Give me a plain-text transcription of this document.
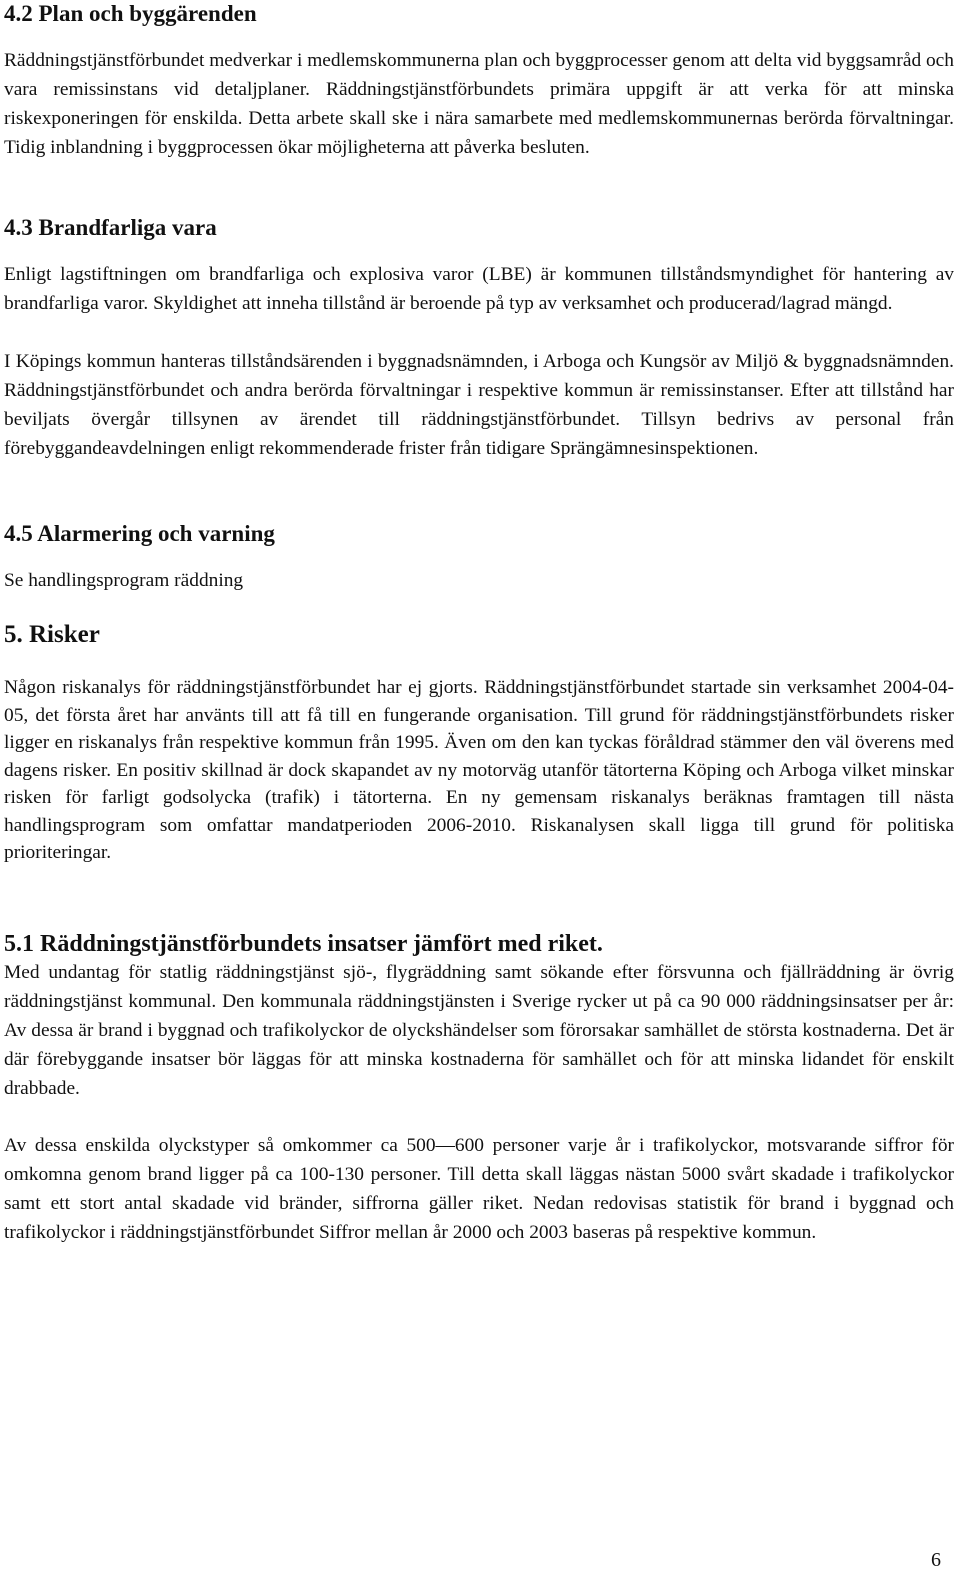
4.2 Plan och byggärenden

Räddningstjänstförbundet medverkar i medlemskommunerna plan och byggprocesser genom att delta vid byggsamråd och vara remissinstans vid detaljplaner. Räddningstjänstförbundets primära uppgift är att verka för att minska riskexponeringen för enskilda. Detta arbete skall ske i nära samarbete med medlemskommunernas berörda förvaltningar. Tidig inblandning i byggprocessen ökar möjligheterna att påverka besluten.

4.3 Brandfarliga vara

Enligt lagstiftningen om brandfarliga och explosiva varor (LBE) är kommunen tillståndsmyndighet för hantering av brandfarliga varor. Skyldighet att inneha tillstånd är beroende på typ av verksamhet och producerad/lagrad mängd.

I Köpings kommun hanteras tillståndsärenden i byggnadsnämnden, i Arboga och Kungsör av Miljö & byggnadsnämnden. Räddningstjänstförbundet och andra berörda förvaltningar i respektive kommun är remissinstanser. Efter att tillstånd har beviljats övergår tillsynen av ärendet till räddningstjänstförbundet. Tillsyn bedrivs av personal från förebyggandeavdelningen enligt rekommenderade frister från tidigare Sprängämnesinspektionen.

4.5 Alarmering och varning

Se handlingsprogram räddning

5. Risker

Någon riskanalys för räddningstjänstförbundet har ej gjorts. Räddningstjänstförbundet startade sin verksamhet 2004-04-05, det första året har använts till att få till en fungerande organisation. Till grund för räddningstjänstförbundets risker ligger en riskanalys från respektive kommun från 1995. Även om den kan tyckas föråldrad stämmer den väl överens med dagens risker. En positiv skillnad är dock skapandet av ny motorväg utanför tätorterna Köping och Arboga vilket minskar risken för farligt godsolycka (trafik) i tätorterna. En ny gemensam riskanalys beräknas framtagen till nästa handlingsprogram som omfattar mandatperioden 2006-2010. Riskanalysen skall ligga till grund för politiska prioriteringar.

5.1 Räddningstjänstförbundets insatser jämfört med riket.

Med undantag för statlig räddningstjänst sjö-, flygräddning samt sökande efter försvunna och fjällräddning är övrig räddningstjänst kommunal. Den kommunala räddningstjänsten i Sverige rycker ut på ca 90 000 räddningsinsatser per år: Av dessa är brand i byggnad och trafikolyckor de olyckshändelser som förorsakar samhället de största kostnaderna. Det är där förebyggande insatser bör läggas för att minska kostnaderna för samhället och för att minska lidandet för enskilt drabbade.

Av dessa enskilda olyckstyper så omkommer ca 500—600 personer varje år i trafikolyckor, motsvarande siffror för omkomna genom brand ligger på ca 100-130 personer. Till detta skall läggas nästan 5000 svårt skadade i trafikolyckor samt ett stort antal skadade vid bränder, siffrorna gäller riket. Nedan redovisas statistik för brand i byggnad och trafikolyckor i räddningstjänstförbundet Siffror mellan år 2000 och 2003 baseras på respektive kommun.

6
